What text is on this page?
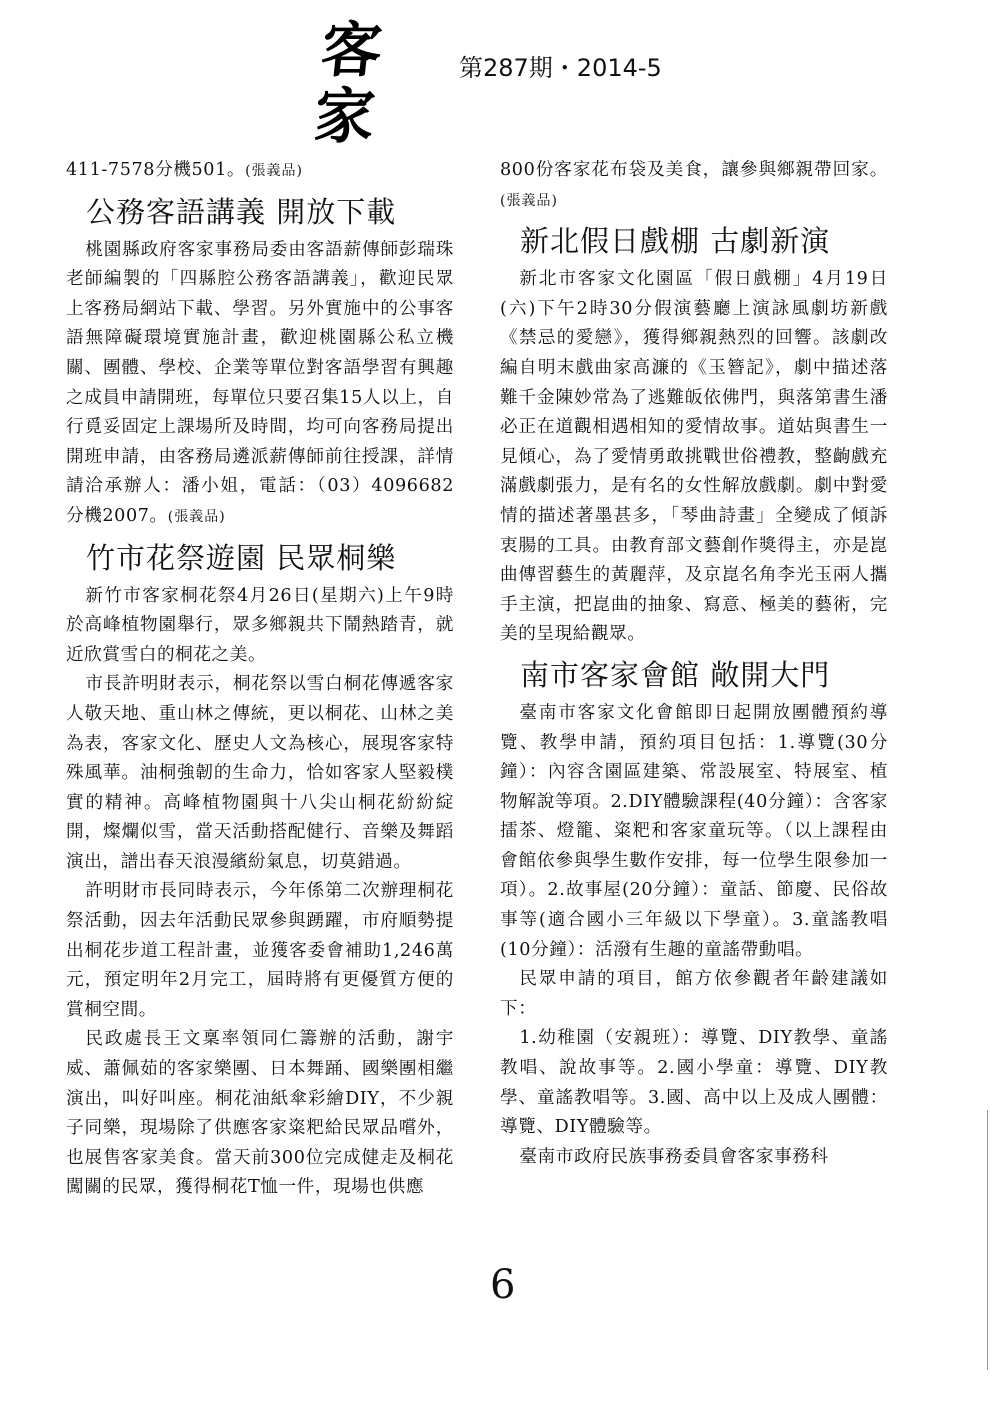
客家
第287期・2014-5

411-7578分機501。(張義品)

公務客語講義 開放下載

桃園縣政府客家事務局委由客語薪傳師彭瑞珠老師編製的「四縣腔公務客語講義」，歡迎民眾上客務局網站下載、學習。另外實施中的公事客語無障礙環境實施計畫，歡迎桃園縣公私立機關、團體、學校、企業等單位對客語學習有興趣之成員申請開班，每單位只要召集15人以上，自行覓妥固定上課場所及時間，均可向客務局提出開班申請，由客務局遴派薪傳師前往授課，詳情請洽承辦人：潘小姐，電話：（03）4096682分機2007。(張義品)

竹市花祭遊園 民眾桐樂

新竹市客家桐花祭4月26日(星期六)上午9時於高峰植物園舉行，眾多鄉親共下鬧熱踏青，就近欣賞雪白的桐花之美。

市長許明財表示，桐花祭以雪白桐花傳遞客家人敬天地、重山林之傳統，更以桐花、山林之美為表，客家文化、歷史人文為核心，展現客家特殊風華。油桐強韌的生命力，恰如客家人堅毅樸實的精神。高峰植物園與十八尖山桐花紛紛綻開，燦爛似雪，當天活動搭配健行、音樂及舞蹈演出，譜出春天浪漫繽紛氣息，切莫錯過。

許明財市長同時表示，今年係第二次辦理桐花祭活動，因去年活動民眾參與踴躍，市府順勢提出桐花步道工程計畫，並獲客委會補助1,246萬元，預定明年2月完工，屆時將有更優質方便的賞桐空間。

民政處長王文稟率領同仁籌辦的活動，謝宇威、蕭佩茹的客家樂團、日本舞踊、國樂團相繼演出，叫好叫座。桐花油紙傘彩繪DIY，不少親子同樂，現場除了供應客家粢粑給民眾品嚐外，也展售客家美食。當天前300位完成健走及桐花闖關的民眾，獲得桐花T恤一件，現場也供應

800份客家花布袋及美食，讓參與鄉親帶回家。(張義品)

新北假日戲棚 古劇新演

新北市客家文化園區「假日戲棚」4月19日(六)下午2時30分假演藝廳上演詠風劇坊新戲《禁忌的愛戀》，獲得鄉親熱烈的回響。該劇改編自明末戲曲家高濂的《玉簪記》，劇中描述落難千金陳妙常為了逃難皈依佛門，與落第書生潘必正在道觀相遇相知的愛情故事。道姑與書生一見傾心，為了愛情勇敢挑戰世俗禮教，整齣戲充滿戲劇張力，是有名的女性解放戲劇。劇中對愛情的描述著墨甚多，「琴曲詩畫」全變成了傾訴衷腸的工具。由教育部文藝創作獎得主，亦是崑曲傳習藝生的黃麗萍，及京崑名角李光玉兩人攜手主演，把崑曲的抽象、寫意、極美的藝術，完美的呈現給觀眾。

南市客家會館 敞開大門

臺南市客家文化會館即日起開放團體預約導覽、教學申請，預約項目包括：1.導覽(30分鐘）：內容含園區建築、常設展室、特展室、植物解說等項。2.DIY體驗課程(40分鐘）：含客家擂茶、燈籠、粢粑和客家童玩等。（以上課程由會館依參與學生數作安排，每一位學生限參加一項）。2.故事屋(20分鐘）：童話、節慶、民俗故事等(適合國小三年級以下學童）。3.童謠教唱(10分鐘）：活潑有生趣的童謠帶動唱。

民眾申請的項目，館方依參觀者年齡建議如下：

1.幼稚園（安親班）：導覽、DIY教學、童謠教唱、說故事等。2.國小學童：導覽、DIY教學、童謠教唱等。3.國、高中以上及成人團體：導覽、DIY體驗等。

臺南市政府民族事務委員會客家事務科

6
